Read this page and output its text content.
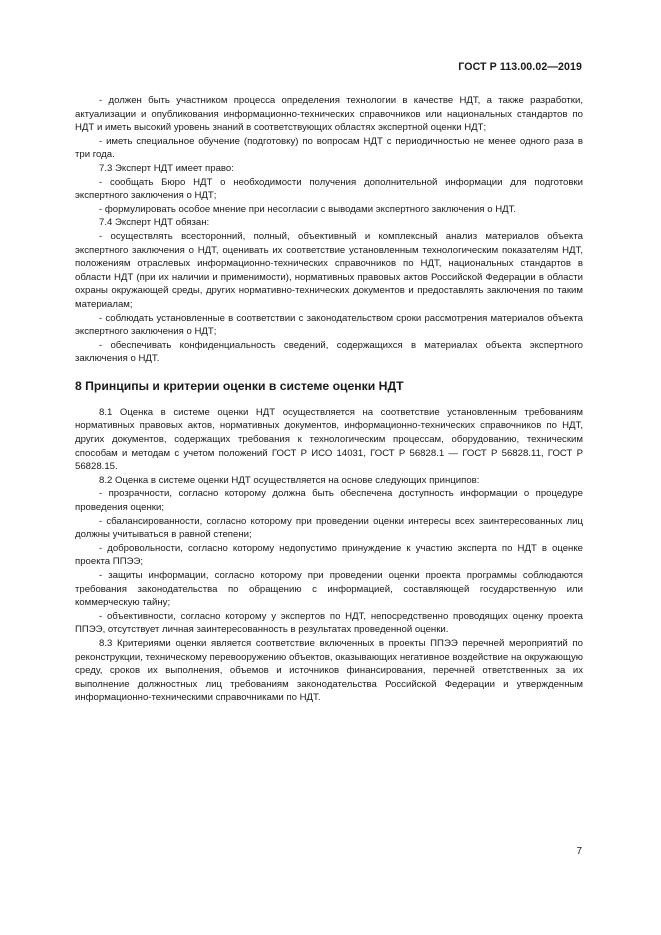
ГОСТ Р 113.00.02—2019

- должен быть участником процесса определения технологии в качестве НДТ, а также разработки, актуализации и опубликования информационно-технических справочников или национальных стандартов по НДТ и иметь высокий уровень знаний в соответствующих областях экспертной оценки НДТ;

- иметь специальное обучение (подготовку) по вопросам НДТ с периодичностью не менее одного раза в три года.

7.3 Эксперт НДТ имеет право:

- сообщать Бюро НДТ о необходимости получения дополнительной информации для подготовки экспертного заключения о НДТ;

- формулировать особое мнение при несогласии с выводами экспертного заключения о НДТ.

7.4 Эксперт НДТ обязан:

- осуществлять всесторонний, полный, объективный и комплексный анализ материалов объекта экспертного заключения о НДТ, оценивать их соответствие установленным технологическим показателям НДТ, положениям отраслевых информационно-технических справочников по НДТ, национальных стандартов в области НДТ (при их наличии и применимости), нормативных правовых актов Российской Федерации в области охраны окружающей среды, других нормативно-технических документов и предоставлять заключения по таким материалам;

- соблюдать установленные в соответствии с законодательством сроки рассмотрения материалов объекта экспертного заключения о НДТ;

- обеспечивать конфиденциальность сведений, содержащихся в материалах объекта экспертного заключения о НДТ.

8 Принципы и критерии оценки в системе оценки НДТ

8.1 Оценка в системе оценки НДТ осуществляется на соответствие установленным требованиям нормативных правовых актов, нормативных документов, информационно-технических справочников по НДТ, других документов, содержащих требования к технологическим процессам, оборудованию, техническим способам и методам с учетом положений ГОСТ Р ИСО 14031, ГОСТ Р 56828.1 — ГОСТ Р 56828.11, ГОСТ Р 56828.15.

8.2 Оценка в системе оценки НДТ осуществляется на основе следующих принципов:

- прозрачности, согласно которому должна быть обеспечена доступность информации о процедуре проведения оценки;

- сбалансированности, согласно которому при проведении оценки интересы всех заинтересованных лиц должны учитываться в равной степени;

- добровольности, согласно которому недопустимо принуждение к участию эксперта по НДТ в оценке проекта ППЭЭ;

- защиты информации, согласно которому при проведении оценки проекта программы соблюдаются требования законодательства по обращению с информацией, составляющей государственную или коммерческую тайну;

- объективности, согласно которому у экспертов по НДТ, непосредственно проводящих оценку проекта ППЭЭ, отсутствует личная заинтересованность в результатах проведенной оценки.

8.3 Критериями оценки является соответствие включенных в проекты ППЭЭ перечней мероприятий по реконструкции, техническому перевооружению объектов, оказывающих негативное воздействие на окружающую среду, сроков их выполнения, объемов и источников финансирования, перечней ответственных за их выполнение должностных лиц требованиям законодательства Российской Федерации и утвержденным информационно-техническими справочниками по НДТ.

7
